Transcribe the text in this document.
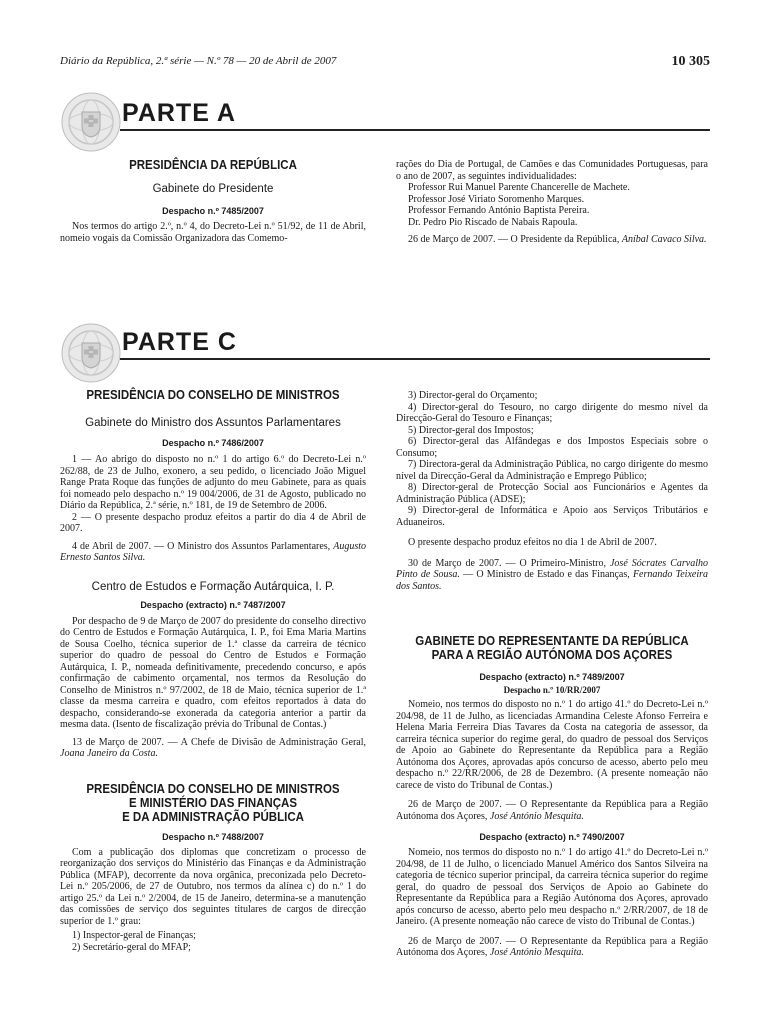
Diário da República, 2.ª série — N.º 78 — 20 de Abril de 2007	10 305
PARTE A
PRESIDÊNCIA DA REPÚBLICA
Gabinete do Presidente
Despacho n.º 7485/2007

Nos termos do artigo 2.º, n.º 4, do Decreto-Lei n.º 51/92, de 11 de Abril, nomeio vogais da Comissão Organizadora das Comemo-

rações do Dia de Portugal, de Camões e das Comunidades Portuguesas, para o ano de 2007, as seguintes individualidades:

Professor Rui Manuel Parente Chancerelle de Machete.
Professor José Viriato Soromenho Marques.
Professor Fernando António Baptista Pereira.
Dr. Pedro Pio Riscado de Nabais Rapoula.

26 de Março de 2007. — O Presidente da República, Aníbal Cavaco Silva.

PARTE C
PRESIDÊNCIA DO CONSELHO DE MINISTROS
Gabinete do Ministro dos Assuntos Parlamentares
Despacho n.º 7486/2007

1 — Ao abrigo do disposto no n.º 1 do artigo 6.º do Decreto-Lei n.º 262/88, de 23 de Julho, exonero, a seu pedido, o licenciado João Miguel Range Prata Roque das funções de adjunto do meu Gabinete, para as quais foi nomeado pelo despacho n.º 19 004/2006, de 31 de Agosto, publicado no Diário da República, 2.ª série, n.º 181, de 19 de Setembro de 2006.

2 — O presente despacho produz efeitos a partir do dia 4 de Abril de 2007.

4 de Abril de 2007. — O Ministro dos Assuntos Parlamentares, Augusto Ernesto Santos Silva.

Centro de Estudos e Formação Autárquica, I. P.
Despacho (extracto) n.º 7487/2007

Por despacho de 9 de Março de 2007 do presidente do conselho directivo do Centro de Estudos e Formação Autárquica, I. P., foi Ema Maria Martins de Sousa Coelho, técnica superior de 1.ª classe da carreira de técnico superior do quadro de pessoal do Centro de Estudos e Formação Autárquica, I. P., nomeada definitivamente, precedendo concurso, e após confirmação de cabimento orçamental, nos termos da Resolução do Conselho de Ministros n.º 97/2002, de 18 de Maio, técnica superior de 1.ª classe da mesma carreira e quadro, com efeitos reportados à data do despacho, considerando-se exonerada da categoria anterior a partir da mesma data. (Isento de fiscalização prévia do Tribunal de Contas.)

13 de Março de 2007. — A Chefe de Divisão de Administração Geral, Joana Janeiro da Costa.

PRESIDÊNCIA DO CONSELHO DE MINISTROS
E MINISTÉRIO DAS FINANÇAS
E DA ADMINISTRAÇÃO PÚBLICA
Despacho n.º 7488/2007

Com a publicação dos diplomas que concretizam o processo de reorganização dos serviços do Ministério das Finanças e da Administração Pública (MFAP), decorrente da nova orgânica, preconizada pelo Decreto-Lei n.º 205/2006, de 27 de Outubro, nos termos da alínea c) do n.º 1 do artigo 25.º da Lei n.º 2/2004, de 15 de Janeiro, determina-se a manutenção das comissões de serviço dos seguintes titulares de cargos de direcção superior de 1.º grau:

1) Inspector-geral de Finanças;
2) Secretário-geral do MFAP;

3) Director-geral do Orçamento;

4) Director-geral do Tesouro, no cargo dirigente do mesmo nível da Direcção-Geral do Tesouro e Finanças;

5) Director-geral dos Impostos;

6) Director-geral das Alfândegas e dos Impostos Especiais sobre o Consumo;

7) Directora-geral da Administração Pública, no cargo dirigente do mesmo nível da Direcção-Geral da Administração e Emprego Público;

8) Director-geral de Protecção Social aos Funcionários e Agentes da Administração Pública (ADSE);

9) Director-geral de Informática e Apoio aos Serviços Tributários e Aduaneiros.

O presente despacho produz efeitos no dia 1 de Abril de 2007.

30 de Março de 2007. — O Primeiro-Ministro, José Sócrates Carvalho Pinto de Sousa. — O Ministro de Estado e das Finanças, Fernando Teixeira dos Santos.

GABINETE DO REPRESENTANTE DA REPÚBLICA
PARA A REGIÃO AUTÓNOMA DOS AÇORES
Despacho (extracto) n.º 7489/2007
Despacho n.º 10/RR/2007

Nomeio, nos termos do disposto no n.º 1 do artigo 41.º do Decreto-Lei n.º 204/98, de 11 de Julho, as licenciadas Armandina Celeste Afonso Ferreira e Helena Maria Ferreira Dias Tavares da Costa na categoria de assessor, da carreira técnica superior do regime geral, do quadro de pessoal dos Serviços de Apoio ao Gabinete do Representante da República para a Região Autónoma dos Açores, aprovadas após concurso de acesso, aberto pelo meu despacho n.º 22/RR/2006, de 28 de Dezembro. (A presente nomeação não carece de visto do Tribunal de Contas.)

26 de Março de 2007. — O Representante da República para a Região Autónoma dos Açores, José António Mesquita.

Despacho (extracto) n.º 7490/2007

Nomeio, nos termos do disposto no n.º 1 do artigo 41.º do Decreto-Lei n.º 204/98, de 11 de Julho, o licenciado Manuel Américo dos Santos Silveira na categoria de técnico superior principal, da carreira técnica superior do regime geral, do quadro de pessoal dos Serviços de Apoio ao Gabinete do Representante da República para a Região Autónoma dos Açores, aprovado após concurso de acesso, aberto pelo meu despacho n.º 2/RR/2007, de 18 de Janeiro. (A presente nomeação não carece de visto do Tribunal de Contas.)

26 de Março de 2007. — O Representante da República para a Região Autónoma dos Açores, José António Mesquita.
